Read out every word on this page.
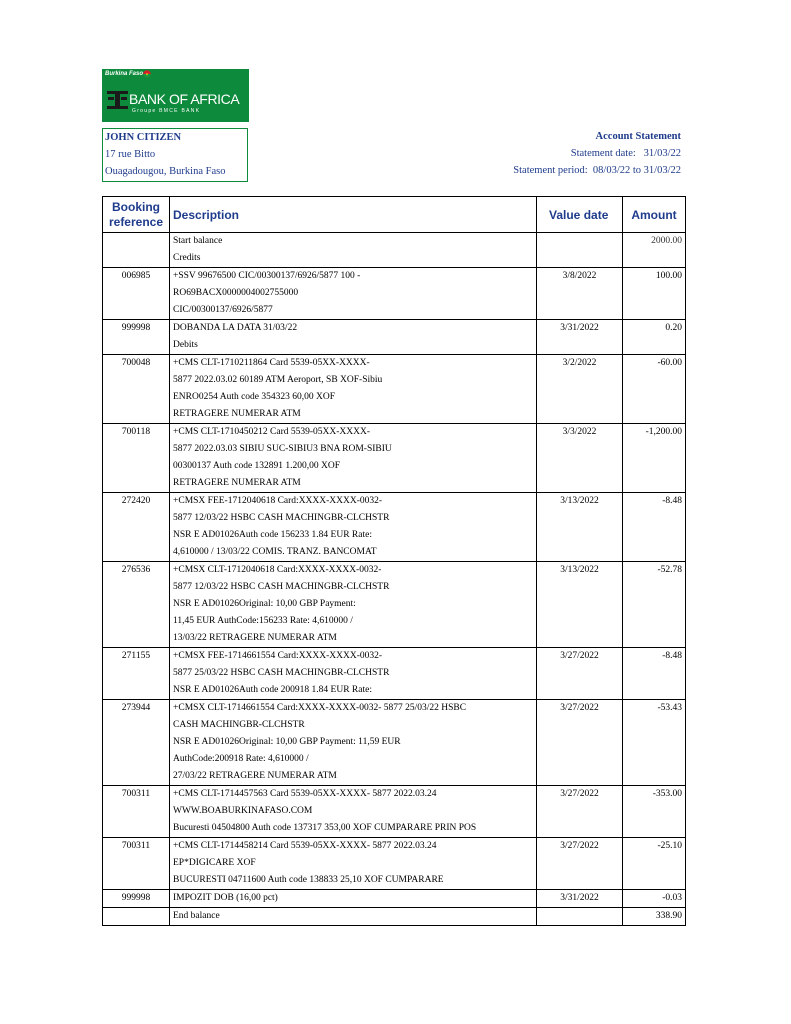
Burkina Faso
BANK OF AFRICA
Groupe BMCE BANK
JOHN CITIZEN
17 rue Bitto
Ouagadougou, Burkina Faso
Account Statement
Statement date: 31/03/22
Statement period: 08/03/22 to 31/03/22
Booking
reference	Description	Value date	Amount
	Start balance		2000.00
	Credits		
006985	+SSV 99676500 CIC/00300137/6926/5877 100 -	3/8/2022	100.00
	RO69BACX0000004002755000		
	CIC/00300137/6926/5877		
999998	DOBANDA LA DATA 31/03/22	3/31/2022	0.20
	Debits		
700048	+CMS CLT-1710211864 Card 5539-05XX-XXXX-	3/2/2022	-60.00
	5877 2022.03.02 60189 ATM Aeroport, SB XOF-Sibiu		
	ENRO0254 Auth code 354323 60,00 XOF		
	RETRAGERE NUMERAR ATM		
700118	+CMS CLT-1710450212 Card 5539-05XX-XXXX-	3/3/2022	-1,200.00
	5877 2022.03.03 SIBIU SUC-SIBIU3 BNA ROM-SIBIU		
	00300137 Auth code 132891 1.200,00 XOF		
	RETRAGERE NUMERAR ATM		
272420	+CMSX FEE-1712040618 Card:XXXX-XXXX-0032-	3/13/2022	-8.48
	5877 12/03/22 HSBC CASH MACHINGBR-CLCHSTR		
	NSR E AD01026Auth code 156233 1.84 EUR Rate:		
	4,610000 / 13/03/22 COMIS. TRANZ. BANCOMAT		
276536	+CMSX CLT-1712040618 Card:XXXX-XXXX-0032-	3/13/2022	-52.78
	5877 12/03/22 HSBC CASH MACHINGBR-CLCHSTR		
	NSR E AD01026Original: 10,00 GBP Payment:		
	11,45 EUR AuthCode:156233 Rate: 4,610000 /		
	13/03/22 RETRAGERE NUMERAR ATM		
271155	+CMSX FEE-1714661554 Card:XXXX-XXXX-0032-	3/27/2022	-8.48
	5877 25/03/22 HSBC CASH MACHINGBR-CLCHSTR		
	NSR E AD01026Auth code 200918 1.84 EUR Rate:		
273944	+CMSX CLT-1714661554 Card:XXXX-XXXX-0032- 5877 25/03/22 HSBC	3/27/2022	-53.43
	CASH MACHINGBR-CLCHSTR		
	NSR E AD01026Original: 10,00 GBP Payment: 11,59 EUR		
	AuthCode:200918 Rate: 4,610000 /		
	27/03/22 RETRAGERE NUMERAR ATM		
700311	+CMS CLT-1714457563 Card 5539-05XX-XXXX- 5877 2022.03.24	3/27/2022	-353.00
	WWW.BOABURKINAFASO.COM		
	Bucuresti 04504800 Auth code 137317 353,00 XOF CUMPARARE PRIN POS		
700311	+CMS CLT-1714458214 Card 5539-05XX-XXXX- 5877 2022.03.24	3/27/2022	-25.10
	EP*DIGICARE XOF		
	BUCURESTI 04711600 Auth code 138833 25,10 XOF CUMPARARE		
999998	IMPOZIT DOB (16,00 pct)	3/31/2022	-0.03
	End balance		338.90
